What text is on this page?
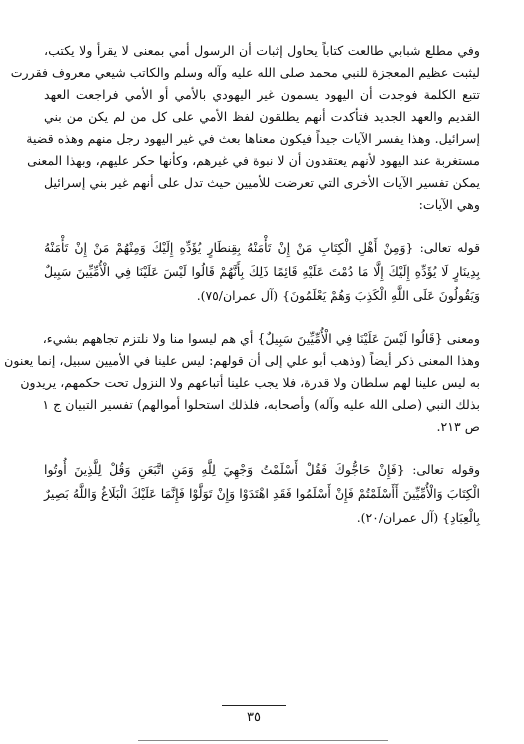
وفي مطلع شبابي طالعت كتاباً يحاول إثبات أن الرسول أمي بمعنى لا يقرأ ولا يكتب،
ليثبت عظيم المعجزة للنبي محمد صلى الله عليه وآله وسلم والكاتب شيعي معروف فقررت
تتبع الكلمة فوجدت أن اليهود يسمون غير اليهودي بالأمي أو الأمي فراجعت العهد
القديم والعهد الجديد فتأكدت أنهم يطلقون لفظ الأمي على كل من لم يكن من بني
إسرائيل. وهذا يفسر الآيات جيداً فيكون معناها بعث في غير اليهود رجل منهم وهذه قضية
مستغربة عند اليهود لأنهم يعتقدون أن لا نبوة في غيرهم، وكأنها حكر عليهم، وبهذا المعنى
يمكن تفسير الآيات الأخرى التي تعرضت للأميين حيث تدل على أنهم غير بني إسرائيل
وهي الآيات:
قوله تعالى: {وَمِنْ أَهْلِ الْكِتَابِ مَنْ إِنْ تَأْمَنْهُ بِقِنطَارٍ يُؤَدِّهِ إِلَيْكَ وَمِنْهُمْ مَنْ إِنْ تَأْمَنْهُ
بِدِينَارٍ لَا يُؤَدِّهِ إِلَيْكَ إِلَّا مَا دُمْتَ عَلَيْهِ قَائِمًا ذَلِكَ بِأَنَّهُمْ قَالُوا لَيْسَ عَلَيْنَا فِي الْأُمِّيِّينَ سَبِيلٌ
وَيَقُولُونَ عَلَى اللَّهِ الْكَذِبَ وَهُمْ يَعْلَمُونَ} (آل عمران/٧٥).
ومعنى {قَالُوا لَيْسَ عَلَيْنَا فِي الْأُمِّيِّينَ سَبِيلٌ} أي هم ليسوا منا ولا نلتزم تجاههم بشيء،
وهذا المعنى ذكر أيضاً (وذهب أبو علي إلى أن قولهم: ليس علينا في الأميين سبيل، إنما يعنون
به ليس علينا لهم سلطان ولا قدرة، فلا يجب علينا أتباعهم ولا النزول تحت حكمهم، يريدون
بذلك النبي (صلى الله عليه وآله) وأصحابه، فلذلك استحلوا أموالهم) تفسير التبيان ج ١
ص ٢١٣.
وقوله تعالى: {فَإِنْ حَاجُّوكَ فَقُلْ أَسْلَمْتُ وَجْهِيَ لِلَّهِ وَمَنِ اتَّبَعَنِ وَقُلْ لِلَّذِينَ أُوتُوا
الْكِتَابَ وَالْأُمِّيِّينَ أَأَسْلَمْتُمْ فَإِنْ أَسْلَمُوا فَقَدِ اهْتَدَوْا وَإِنْ تَوَلَّوْا فَإِنَّمَا عَلَيْكَ الْبَلَاغُ وَاللَّهُ بَصِيرٌ
بِالْعِبَادِ} (آل عمران/٢٠).
٣٥
